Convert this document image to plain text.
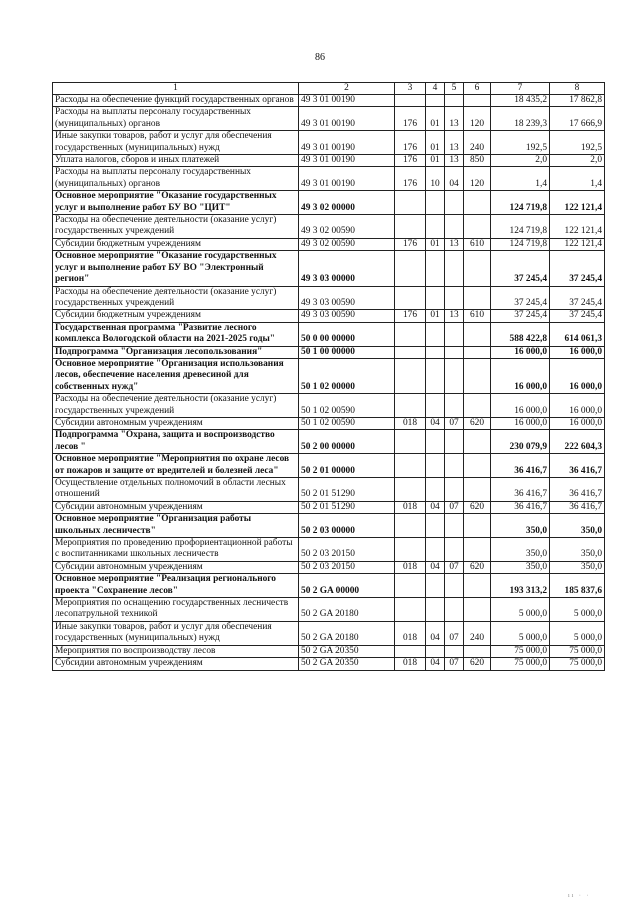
86
1	2	3	4	5	6	7	8
Расходы на обеспечение функций государственных органов	49 3 01 00190					18 435,2	17 862,8
Расходы на выплаты персоналу государственных (муниципальных) органов	49 3 01 00190	176	01	13	120	18 239,3	17 666,9
Иные закупки товаров, работ и услуг для обеспечения государственных (муниципальных) нужд	49 3 01 00190	176	01	13	240	192,5	192,5
Уплата налогов, сборов и иных платежей	49 3 01 00190	176	01	13	850	2,0	2,0
Расходы на выплаты персоналу государственных (муниципальных) органов	49 3 01 00190	176	10	04	120	1,4	1,4
Основное мероприятие "Оказание государственных услуг и выполнение работ БУ ВО "ЦИТ"	49 3 02 00000					124 719,8	122 121,4
Расходы на обеспечение деятельности (оказание услуг) государственных учреждений	49 3 02 00590					124 719,8	122 121,4
Субсидии бюджетным учреждениям	49 3 02 00590	176	01	13	610	124 719,8	122 121,4
Основное мероприятие "Оказание государственных услуг и выполнение работ БУ ВО "Электронный регион"	49 3 03 00000					37 245,4	37 245,4
Расходы на обеспечение деятельности (оказание услуг) государственных учреждений	49 3 03 00590					37 245,4	37 245,4
Субсидии бюджетным учреждениям	49 3 03 00590	176	01	13	610	37 245,4	37 245,4
Государственная программа "Развитие лесного комплекса Вологодской области на 2021-2025 годы"	50 0 00 00000					588 422,8	614 061,3
Подпрограмма "Организация лесопользования"	50 1 00 00000					16 000,0	16 000,0
Основное мероприятие "Организация использования лесов, обеспечение населения древесиной для собственных нужд"	50 1 02 00000					16 000,0	16 000,0
Расходы на обеспечение деятельности (оказание услуг) государственных учреждений	50 1 02 00590					16 000,0	16 000,0
Субсидии автономным учреждениям	50 1 02 00590	018	04	07	620	16 000,0	16 000,0
Подпрограмма "Охрана, защита и воспроизводство лесов "	50 2 00 00000					230 079,9	222 604,3
Основное мероприятие "Мероприятия по охране лесов от пожаров и защите от вредителей и болезней леса"	50 2 01 00000					36 416,7	36 416,7
Осуществление отдельных полномочий в области лесных отношений	50 2 01 51290					36 416,7	36 416,7
Субсидии автономным учреждениям	50 2 01 51290	018	04	07	620	36 416,7	36 416,7
Основное мероприятие "Организация работы школьных лесничеств"	50 2 03 00000					350,0	350,0
Мероприятия по проведению профориентационной работы с воспитанниками школьных лесничеств	50 2 03 20150					350,0	350,0
Субсидии автономным учреждениям	50 2 03 20150	018	04	07	620	350,0	350,0
Основное мероприятие "Реализация регионального проекта "Сохранение лесов"	50 2 GA 00000					193 313,2	185 837,6
Мероприятия по оснащению государственных лесничеств лесопатрульной техникой	50 2 GA 20180					5 000,0	5 000,0
Иные закупки товаров, работ и услуг для обеспечения государственных (муниципальных) нужд	50 2 GA 20180	018	04	07	240	5 000,0	5 000,0
Мероприятия по воспроизводству лесов	50 2 GA 20350					75 000,0	75 000,0
Субсидии автономным учреждениям	50 2 GA 20350	018	04	07	620	75 000,0	75 000,0
ıı · ·
